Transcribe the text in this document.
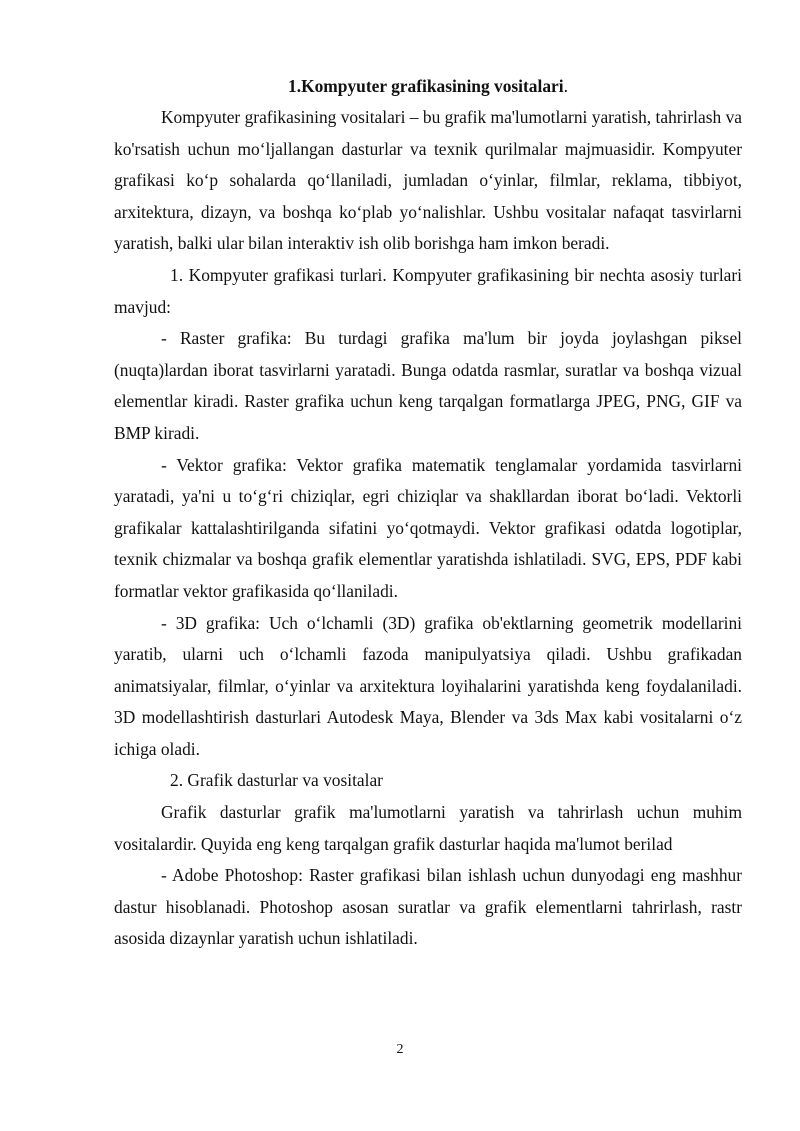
1.Kompyuter grafikasining vositalari.

Kompyuter grafikasining vositalari – bu grafik ma'lumotlarni yaratish, tahrirlash va ko'rsatish uchun mo‘ljallangan dasturlar va texnik qurilmalar majmuasidir. Kompyuter grafikasi ko‘p sohalarda qo‘llaniladi, jumladan o‘yinlar, filmlar, reklama, tibbiyot, arxitektura, dizayn, va boshqa ko‘plab yo‘nalishlar. Ushbu vositalar nafaqat tasvirlarni yaratish, balki ular bilan interaktiv ish olib borishga ham imkon beradi.

1. Kompyuter grafikasi turlari. Kompyuter grafikasining bir nechta asosiy turlari mavjud:

- Raster grafika: Bu turdagi grafika ma'lum bir joyda joylashgan piksel (nuqta)lardan iborat tasvirlarni yaratadi. Bunga odatda rasmlar, suratlar va boshqa vizual elementlar kiradi. Raster grafika uchun keng tarqalgan formatlarga JPEG, PNG, GIF va BMP kiradi.

- Vektor grafika: Vektor grafika matematik tenglamalar yordamida tasvirlarni yaratadi, ya'ni u to‘g‘ri chiziqlar, egri chiziqlar va shakllardan iborat bo‘ladi. Vektorli grafikalar kattalashtirilganda sifatini yo‘qotmaydi. Vektor grafikasi odatda logotiplar, texnik chizmalar va boshqa grafik elementlar yaratishda ishlatiladi. SVG, EPS, PDF kabi formatlar vektor grafikasida qo‘llaniladi.

- 3D grafika: Uch o‘lchamli (3D) grafika ob'ektlarning geometrik modellarini yaratib, ularni uch o‘lchamli fazoda manipulyatsiya qiladi. Ushbu grafikadan animatsiyalar, filmlar, o‘yinlar va arxitektura loyihalarini yaratishda keng foydalaniladi. 3D modellashtirish dasturlari Autodesk Maya, Blender va 3ds Max kabi vositalarni o‘z ichiga oladi.

2. Grafik dasturlar va vositalar

Grafik dasturlar grafik ma'lumotlarni yaratish va tahrirlash uchun muhim vositalardir. Quyida eng keng tarqalgan grafik dasturlar haqida ma'lumot berilad

- Adobe Photoshop: Raster grafikasi bilan ishlash uchun dunyodagi eng mashhur dastur hisoblanadi. Photoshop asosan suratlar va grafik elementlarni tahrirlash, rastr asosida dizaynlar yaratish uchun ishlatiladi.

2
